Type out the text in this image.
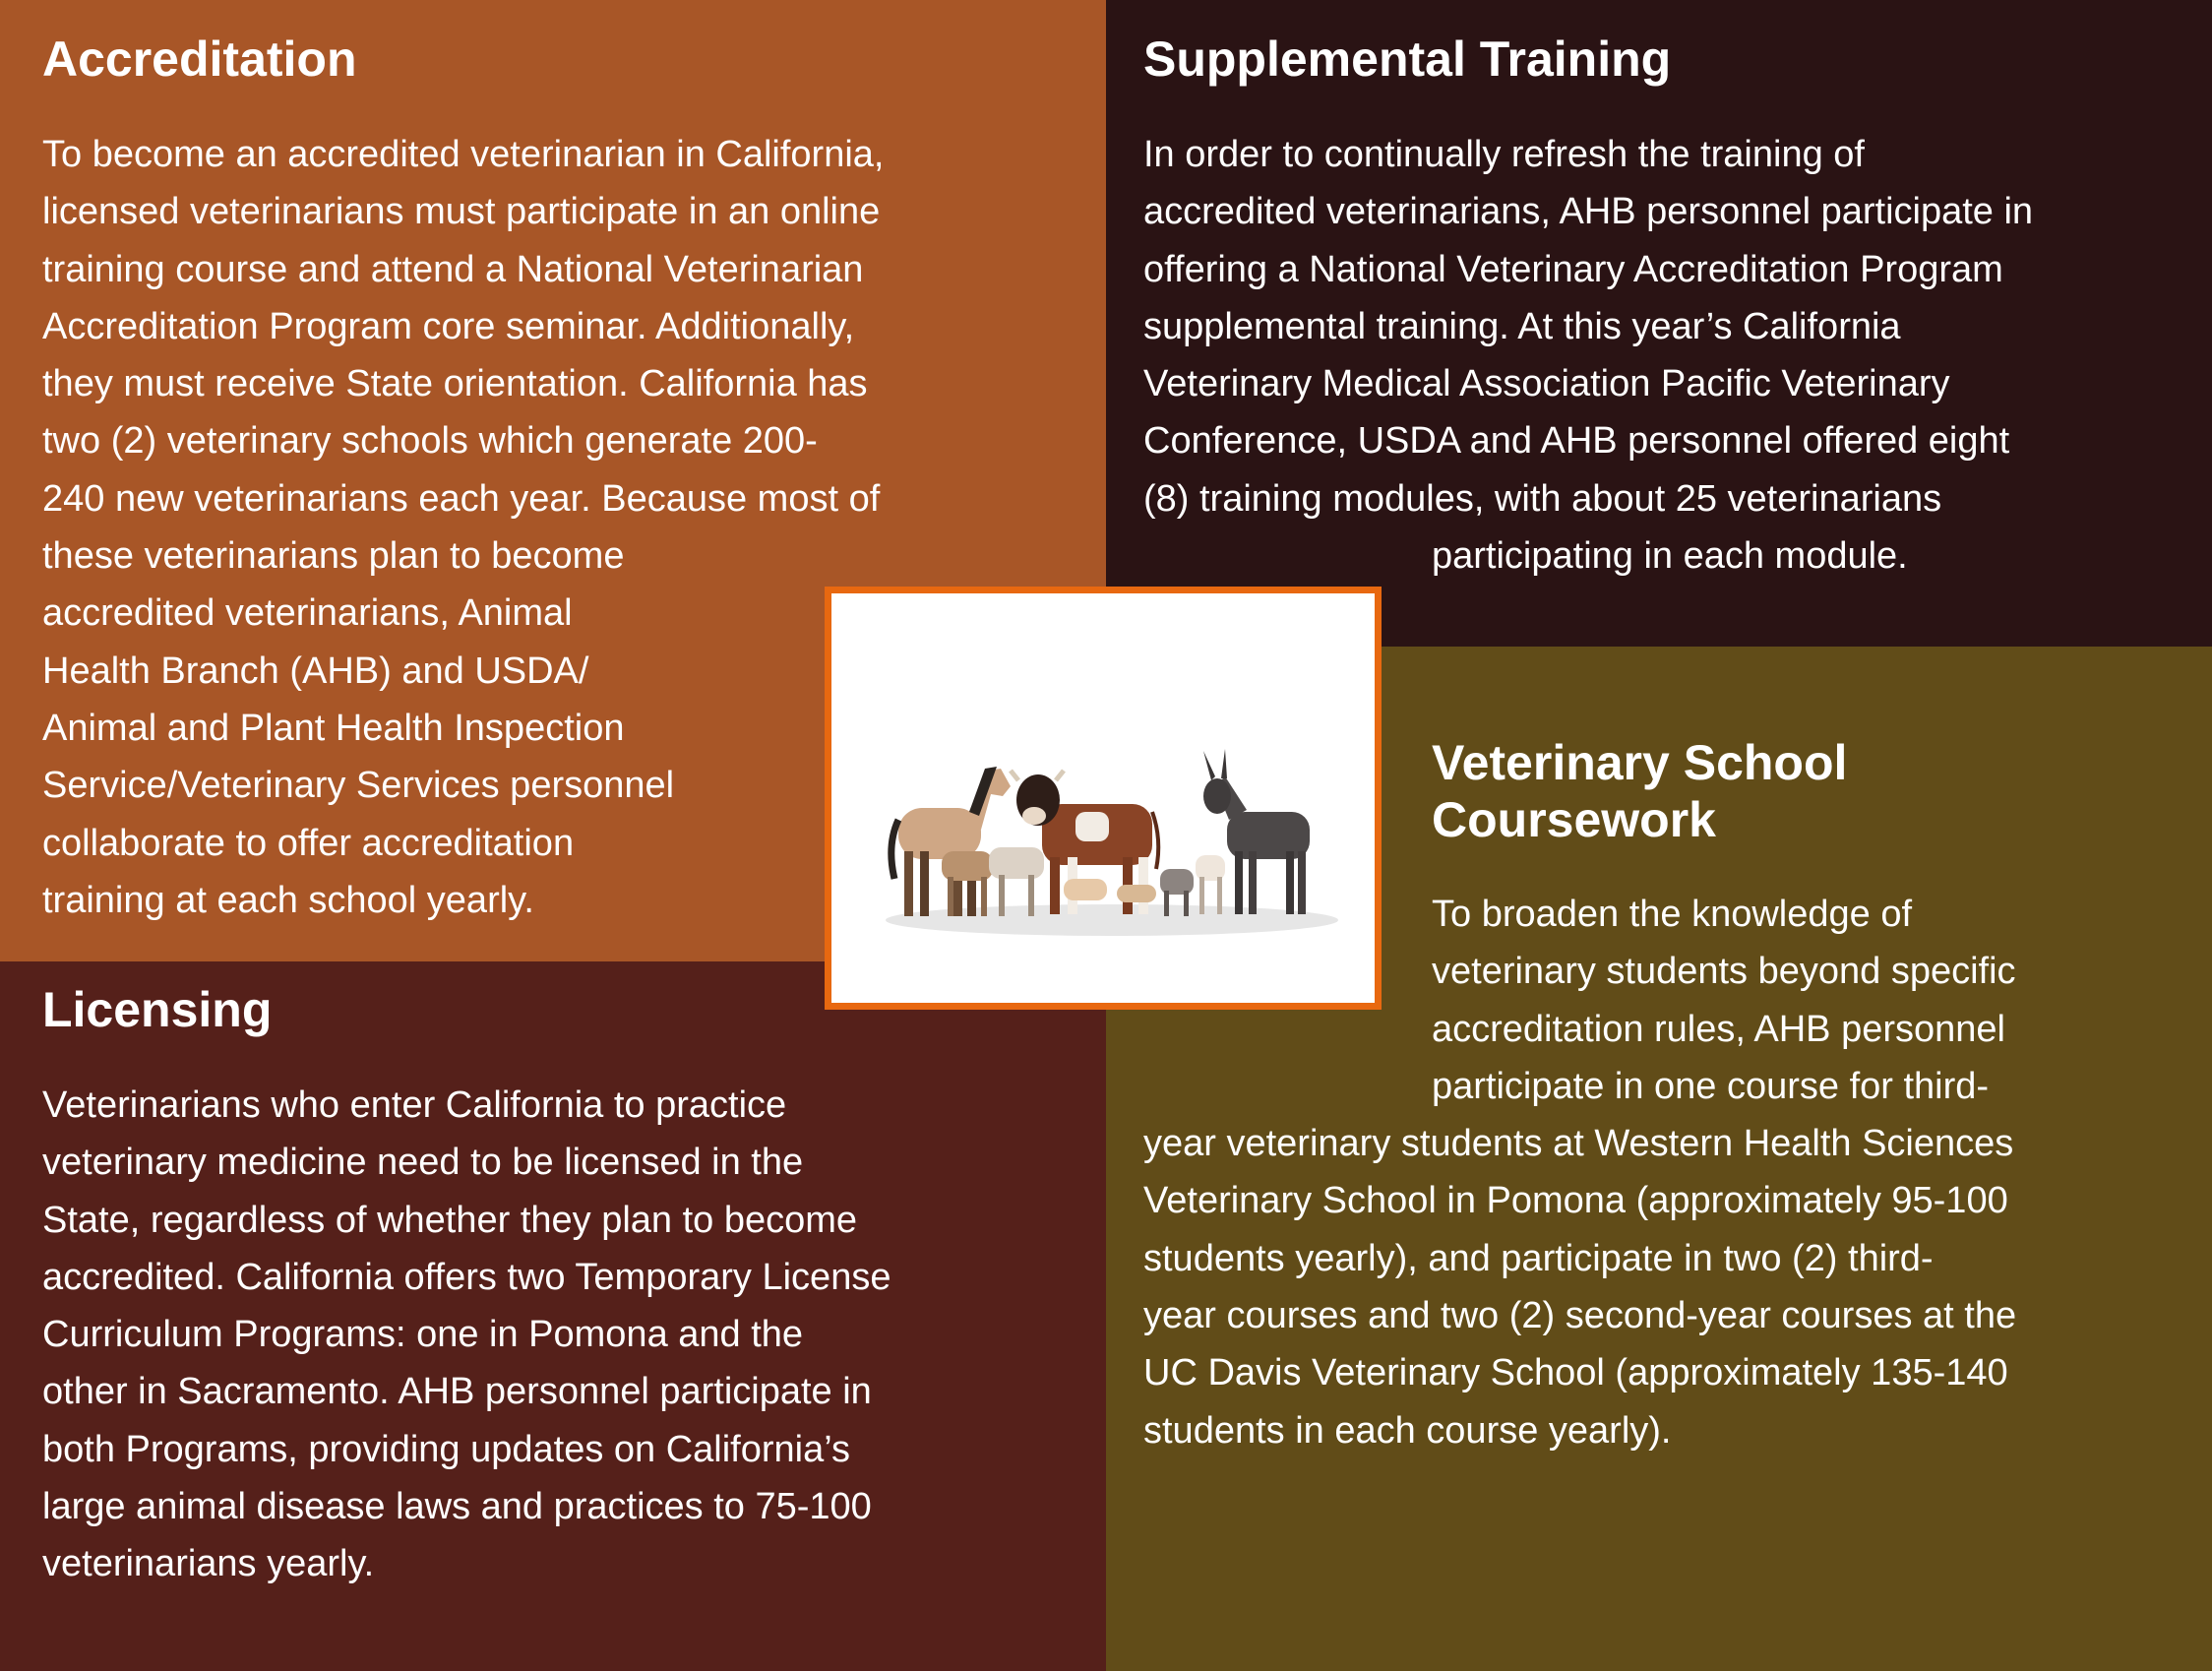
Accreditation
To become an accredited veterinarian in California,
licensed veterinarians must participate in an online
training course and attend a National Veterinarian
Accreditation Program core seminar. Additionally,
they must receive State orientation. California has
two (2) veterinary schools which generate 200-
240 new veterinarians each year. Because most of
these veterinarians plan to become
accredited veterinarians, Animal
Health Branch (AHB) and USDA/
Animal and Plant Health Inspection
Service/Veterinary Services personnel
collaborate to offer accreditation
training at each school yearly.
Supplemental Training
In order to continually refresh the training of
accredited veterinarians, AHB personnel participate in
offering a National Veterinary Accreditation Program
supplemental training. At this year’s California
Veterinary Medical Association Pacific Veterinary
Conference, USDA and AHB personnel offered eight
(8) training modules, with about 25 veterinarians
participating in each module.
Licensing
Veterinarians who enter California to practice
veterinary medicine need to be licensed in the
State, regardless of whether they plan to become
accredited. California offers two Temporary License
Curriculum Programs: one in Pomona and the
other in Sacramento. AHB personnel participate in
both Programs, providing updates on California’s
large animal disease laws and practices to 75-100
veterinarians yearly.
Veterinary School
Coursework
To broaden the knowledge of
veterinary students beyond specific
accreditation rules, AHB personnel
participate in one course for third-
year veterinary students at Western Health Sciences
Veterinary School in Pomona (approximately 95-100
students yearly), and participate in two (2) third-
year courses and two (2) second-year courses at the
UC Davis Veterinary School (approximately 135-140
students in each course yearly).
